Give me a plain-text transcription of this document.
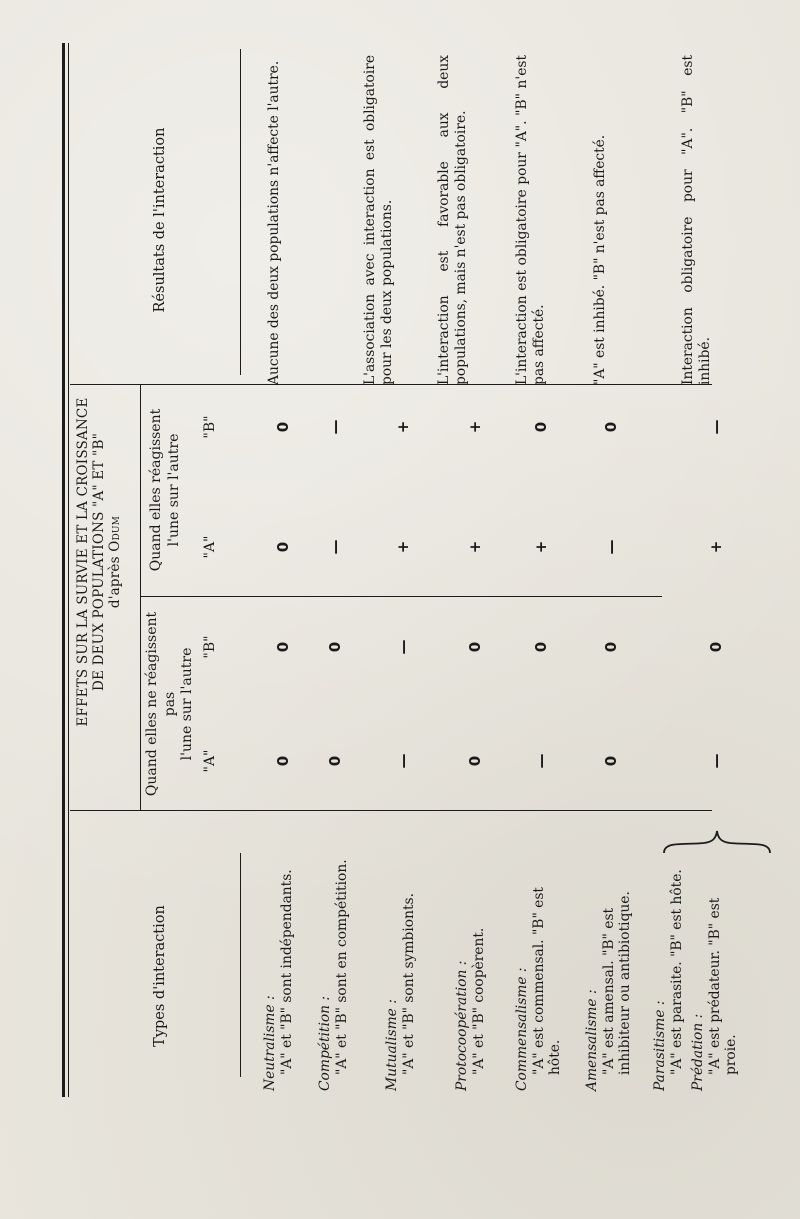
EFFETS SUR LA SURVIE ET LA CROISSANCE DE DEUX POPULATIONS "A" ET "B" d'après Odum
Types d'interaction
Résultats de l'interaction
Quand elles ne réagissent pas l'une sur l'autre
Quand elles réagissent l'une sur l'autre
"A"
"B"
"A"
"B"
Neutralisme : "A" et "B" sont indépendants.
0
0
0
0
Aucune des deux populations n'affecte l'autre.
Compétition : "A" et "B" sont en compétition.
0
0
—
—
Mutualisme : "A" et "B" sont symbionts.
—
—
+
+
L'association avec interaction est obligatoire pour les deux populations.
Protocoopération : "A" et "B" coopèrent.
0
0
+
+
L'interaction est favorable aux deux populations, mais n'est pas obligatoire.
Commensalisme : "A" est commensal. "B" est hôte.
—
0
+
0
L'interaction est obligatoire pour "A". "B" n'est pas affecté.
Amensalisme : "A" est amensal. "B" est inhibiteur ou antibiotique.
0
0
—
0
"A" est inhibé. "B" n'est pas affecté.
Parasitisme : "A" est parasite. "B" est hôte. Prédation : "A" est prédateur. "B" est proie.
—
0
+
—
Interaction obligatoire pour "A". "B" est inhibé.
